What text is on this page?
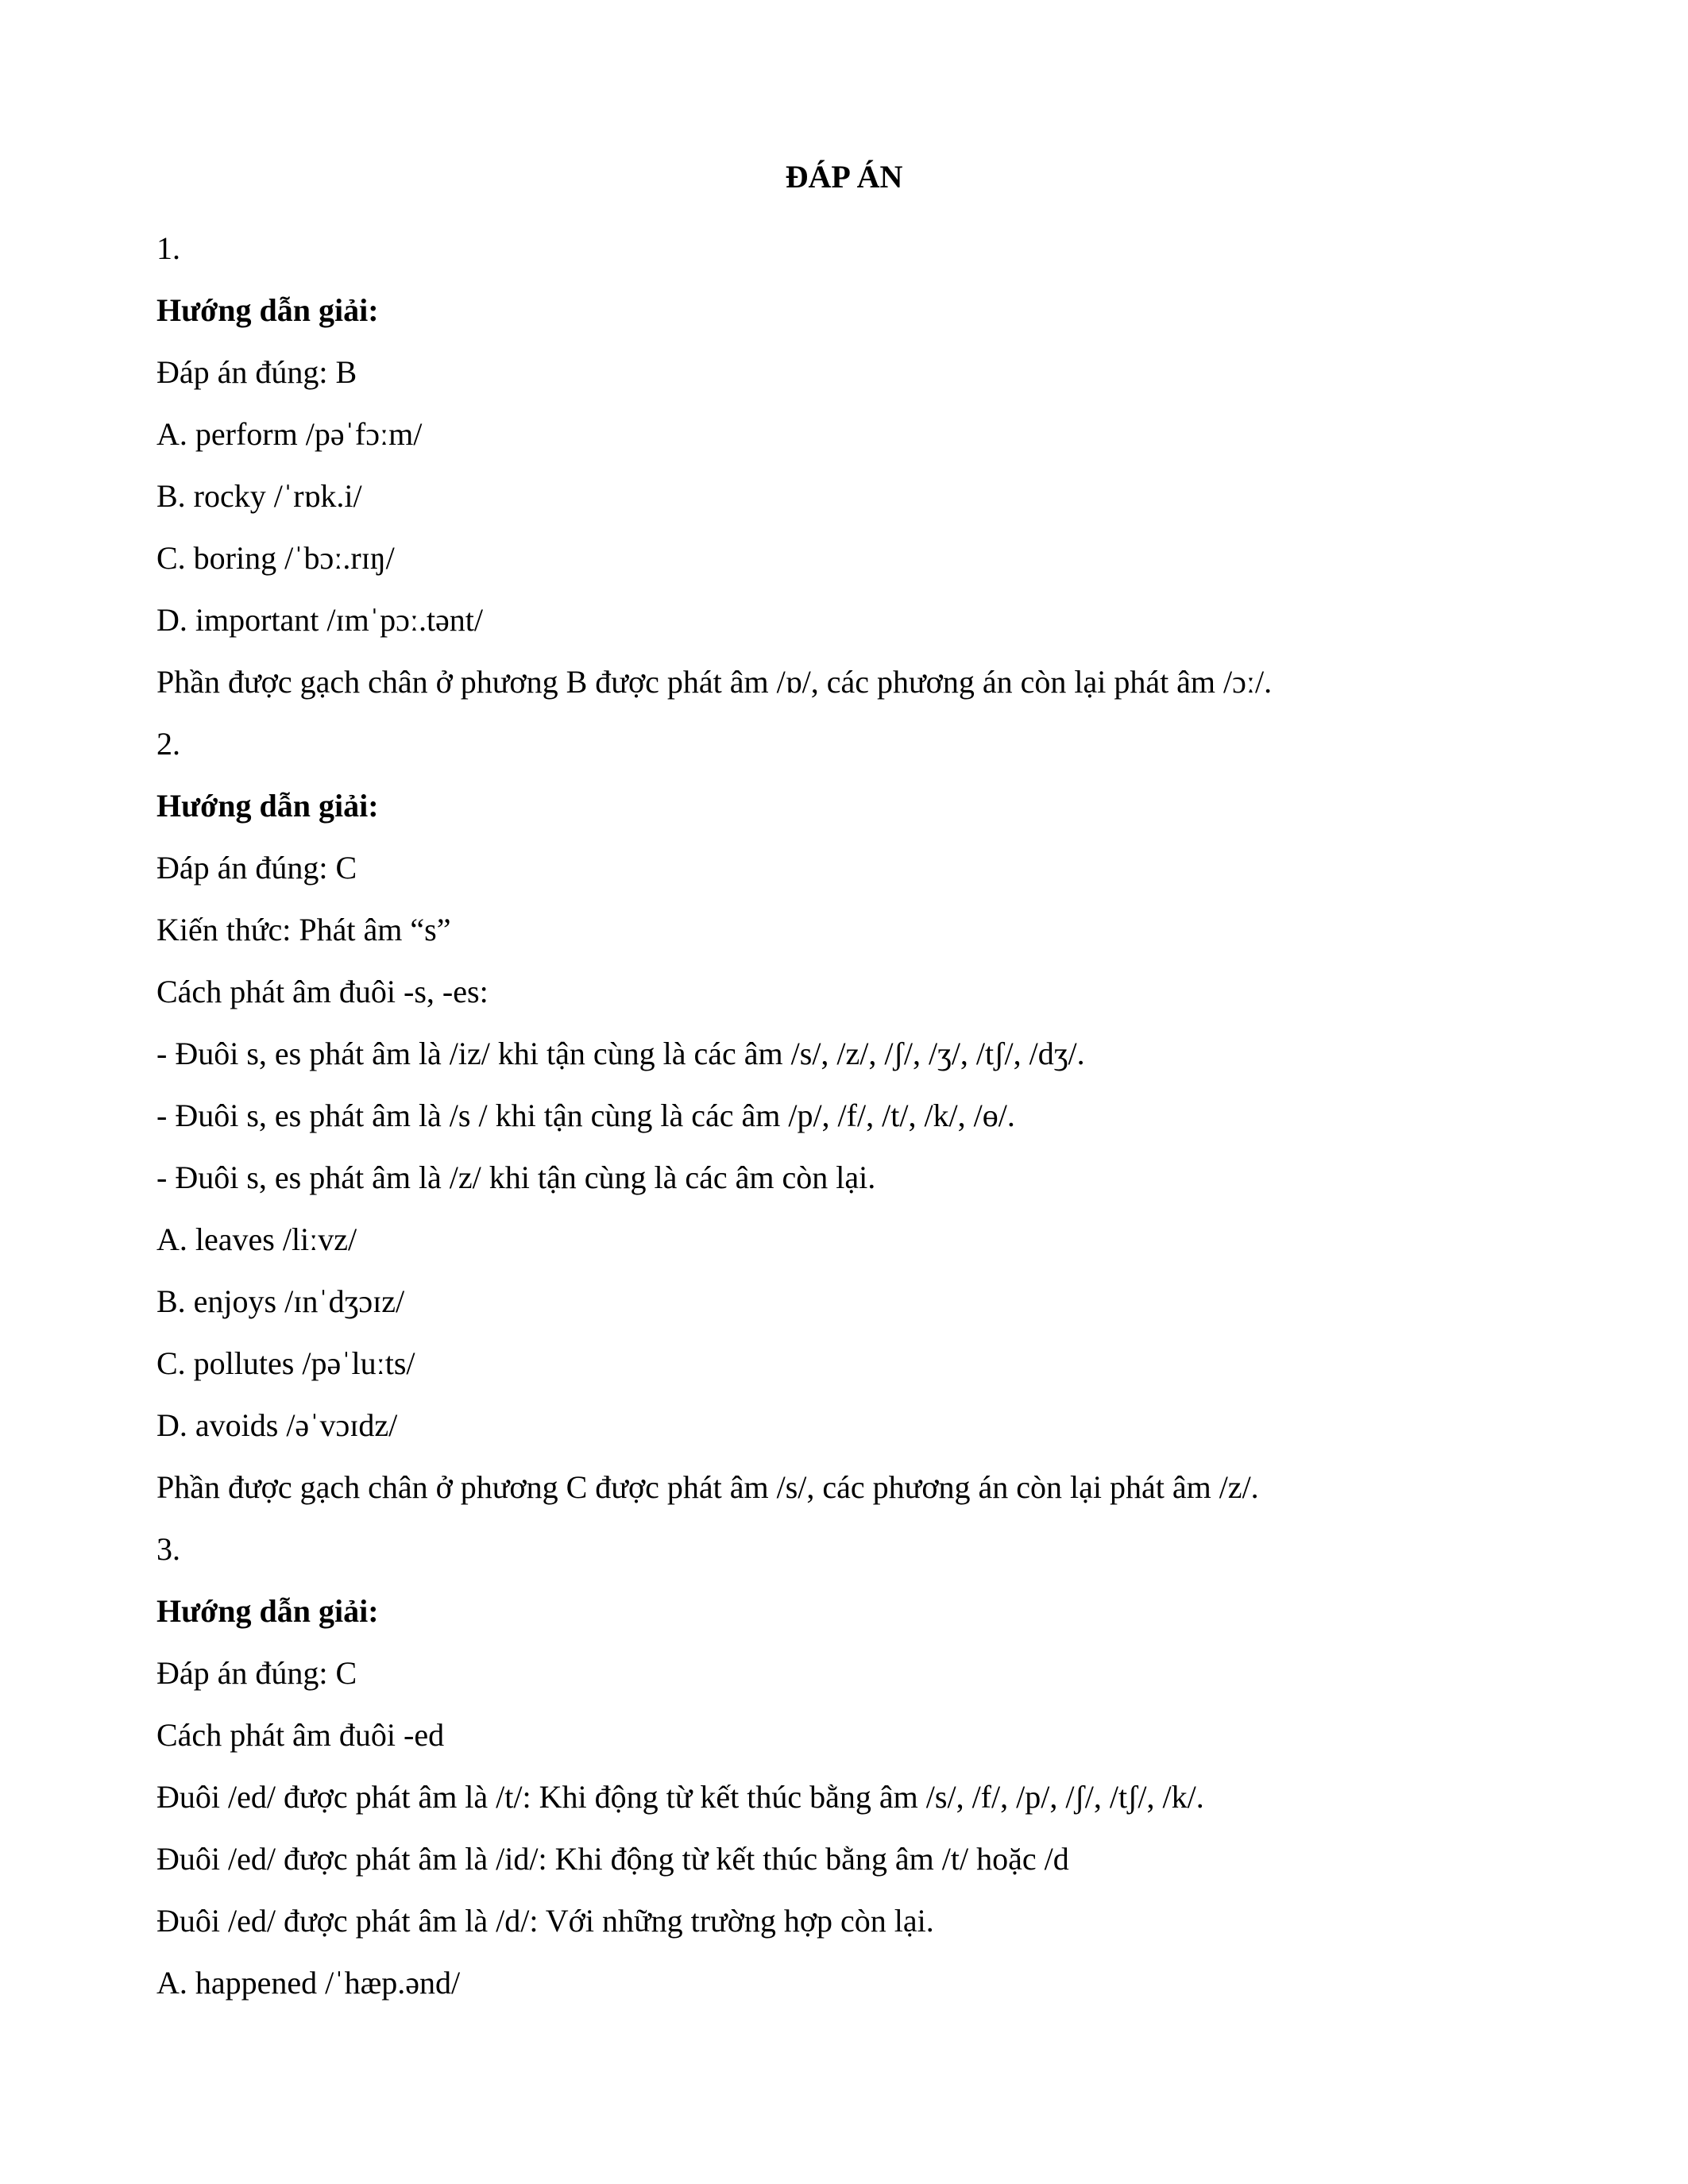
ĐÁP ÁN

1.

Hướng dẫn giải:

Đáp án đúng: B

A. perform /pəˈfɔːm/

B. rocky /ˈrɒk.i/

C. boring /ˈbɔː.rɪŋ/

D. important /ɪmˈpɔː.tənt/

Phần được gạch chân ở phương B được phát âm /ɒ/, các phương án còn lại phát âm /ɔː/.

2.

Hướng dẫn giải:

Đáp án đúng: C

Kiến thức: Phát âm “s”

Cách phát âm đuôi -s, -es:

- Đuôi s, es phát âm là /iz/ khi tận cùng là các âm /s/, /z/, /ʃ/, /ʒ/, /tʃ/, /dʒ/.

- Đuôi s, es phát âm là /s / khi tận cùng là các âm /p/, /f/, /t/, /k/, /ɵ/.

- Đuôi s, es phát âm là /z/ khi tận cùng là các âm còn lại.

A. leaves /liːvz/

B. enjoys /ɪnˈdʒɔɪz/

C. pollutes /pəˈluːts/

D. avoids /əˈvɔɪdz/

Phần được gạch chân ở phương C được phát âm /s/, các phương án còn lại phát âm /z/.

3.

Hướng dẫn giải:

Đáp án đúng: C

Cách phát âm đuôi -ed

Đuôi /ed/ được phát âm là /t/: Khi động từ kết thúc bằng âm /s/, /f/, /p/, /ʃ/, /tʃ/, /k/.

Đuôi /ed/ được phát âm là /id/: Khi động từ kết thúc bằng âm /t/ hoặc /d

Đuôi /ed/ được phát âm là /d/: Với những trường hợp còn lại.

A. happened /ˈhæp.ənd/
